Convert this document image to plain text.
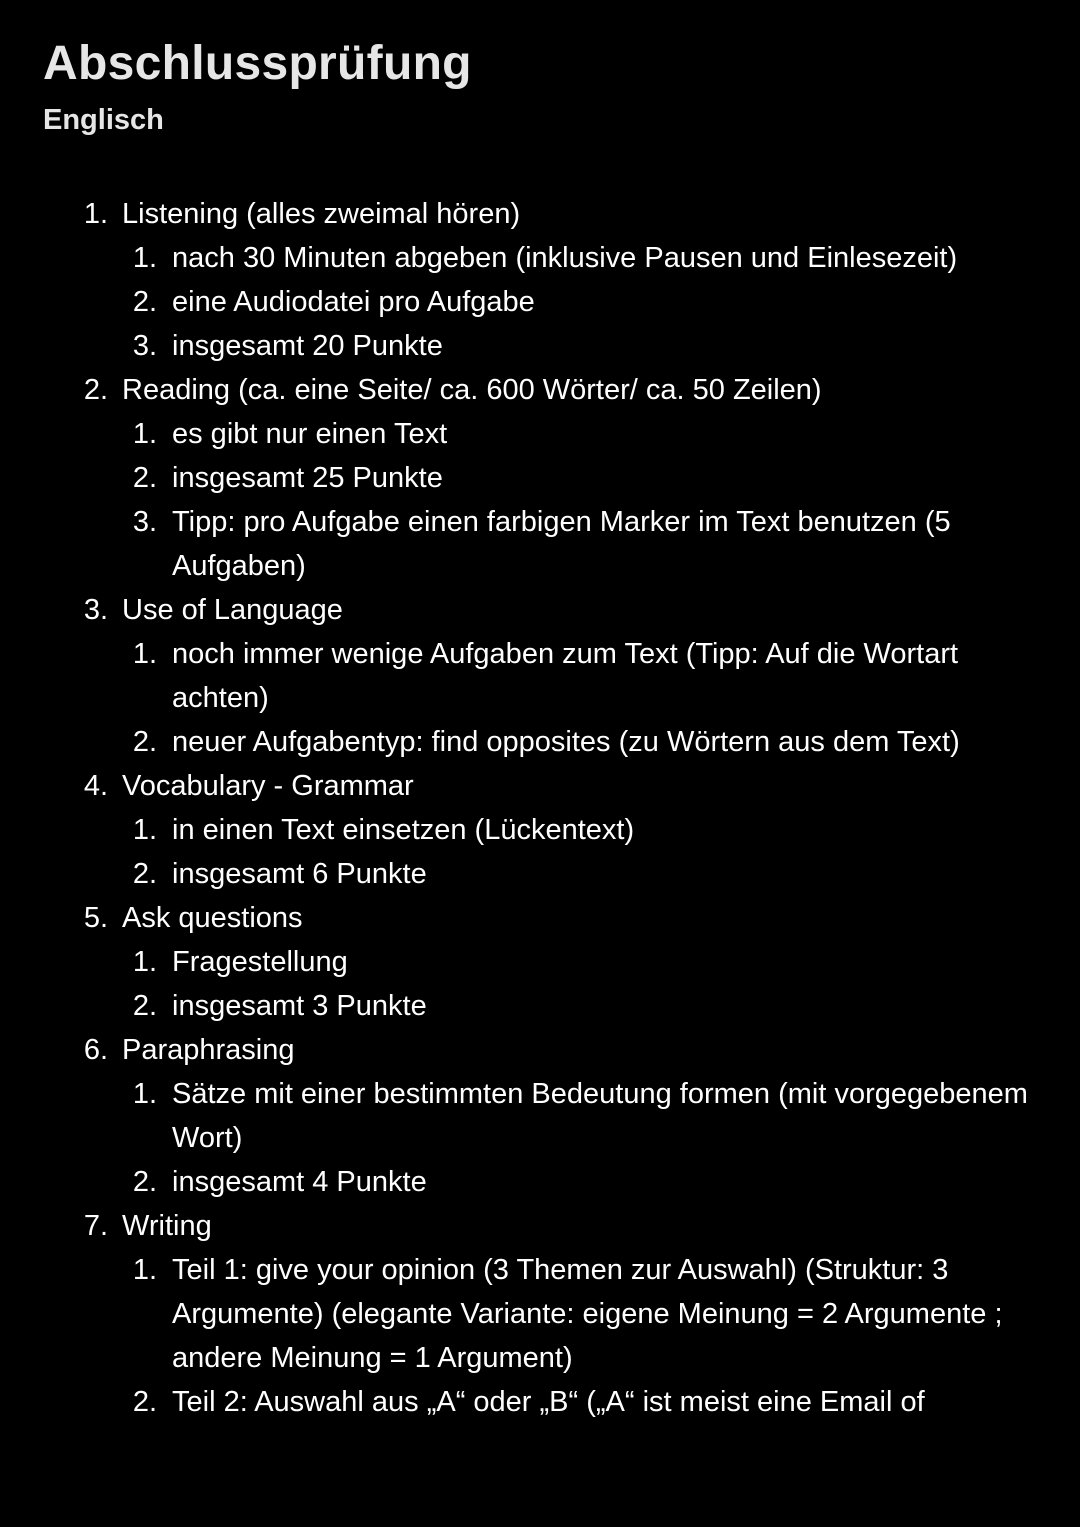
Abschlussprüfung
Englisch
1. Listening (alles zweimal hören)
1. nach 30 Minuten abgeben (inklusive Pausen und Einlesezeit)
2. eine Audiodatei pro Aufgabe
3. insgesamt 20 Punkte
2. Reading (ca. eine Seite/ ca. 600 Wörter/ ca. 50 Zeilen)
1. es gibt nur einen Text
2. insgesamt 25 Punkte
3. Tipp: pro Aufgabe einen farbigen Marker im Text benutzen (5 Aufgaben)
3. Use of Language
1. noch immer wenige Aufgaben zum Text (Tipp: Auf die Wortart achten)
2. neuer Aufgabentyp: find opposites (zu Wörtern aus dem Text)
4. Vocabulary - Grammar
1. in einen Text einsetzen (Lückentext)
2. insgesamt 6 Punkte
5. Ask questions
1. Fragestellung
2. insgesamt 3 Punkte
6. Paraphrasing
1. Sätze mit einer bestimmten Bedeutung formen (mit vorgegebenem Wort)
2. insgesamt 4 Punkte
7. Writing
1. Teil 1: give your opinion (3 Themen zur Auswahl) (Struktur: 3 Argumente) (elegante Variante: eigene Meinung = 2 Argumente ; andere Meinung = 1 Argument)
2. Teil 2: Auswahl aus „A“ oder „B“ („A“ ist meist eine Email of
